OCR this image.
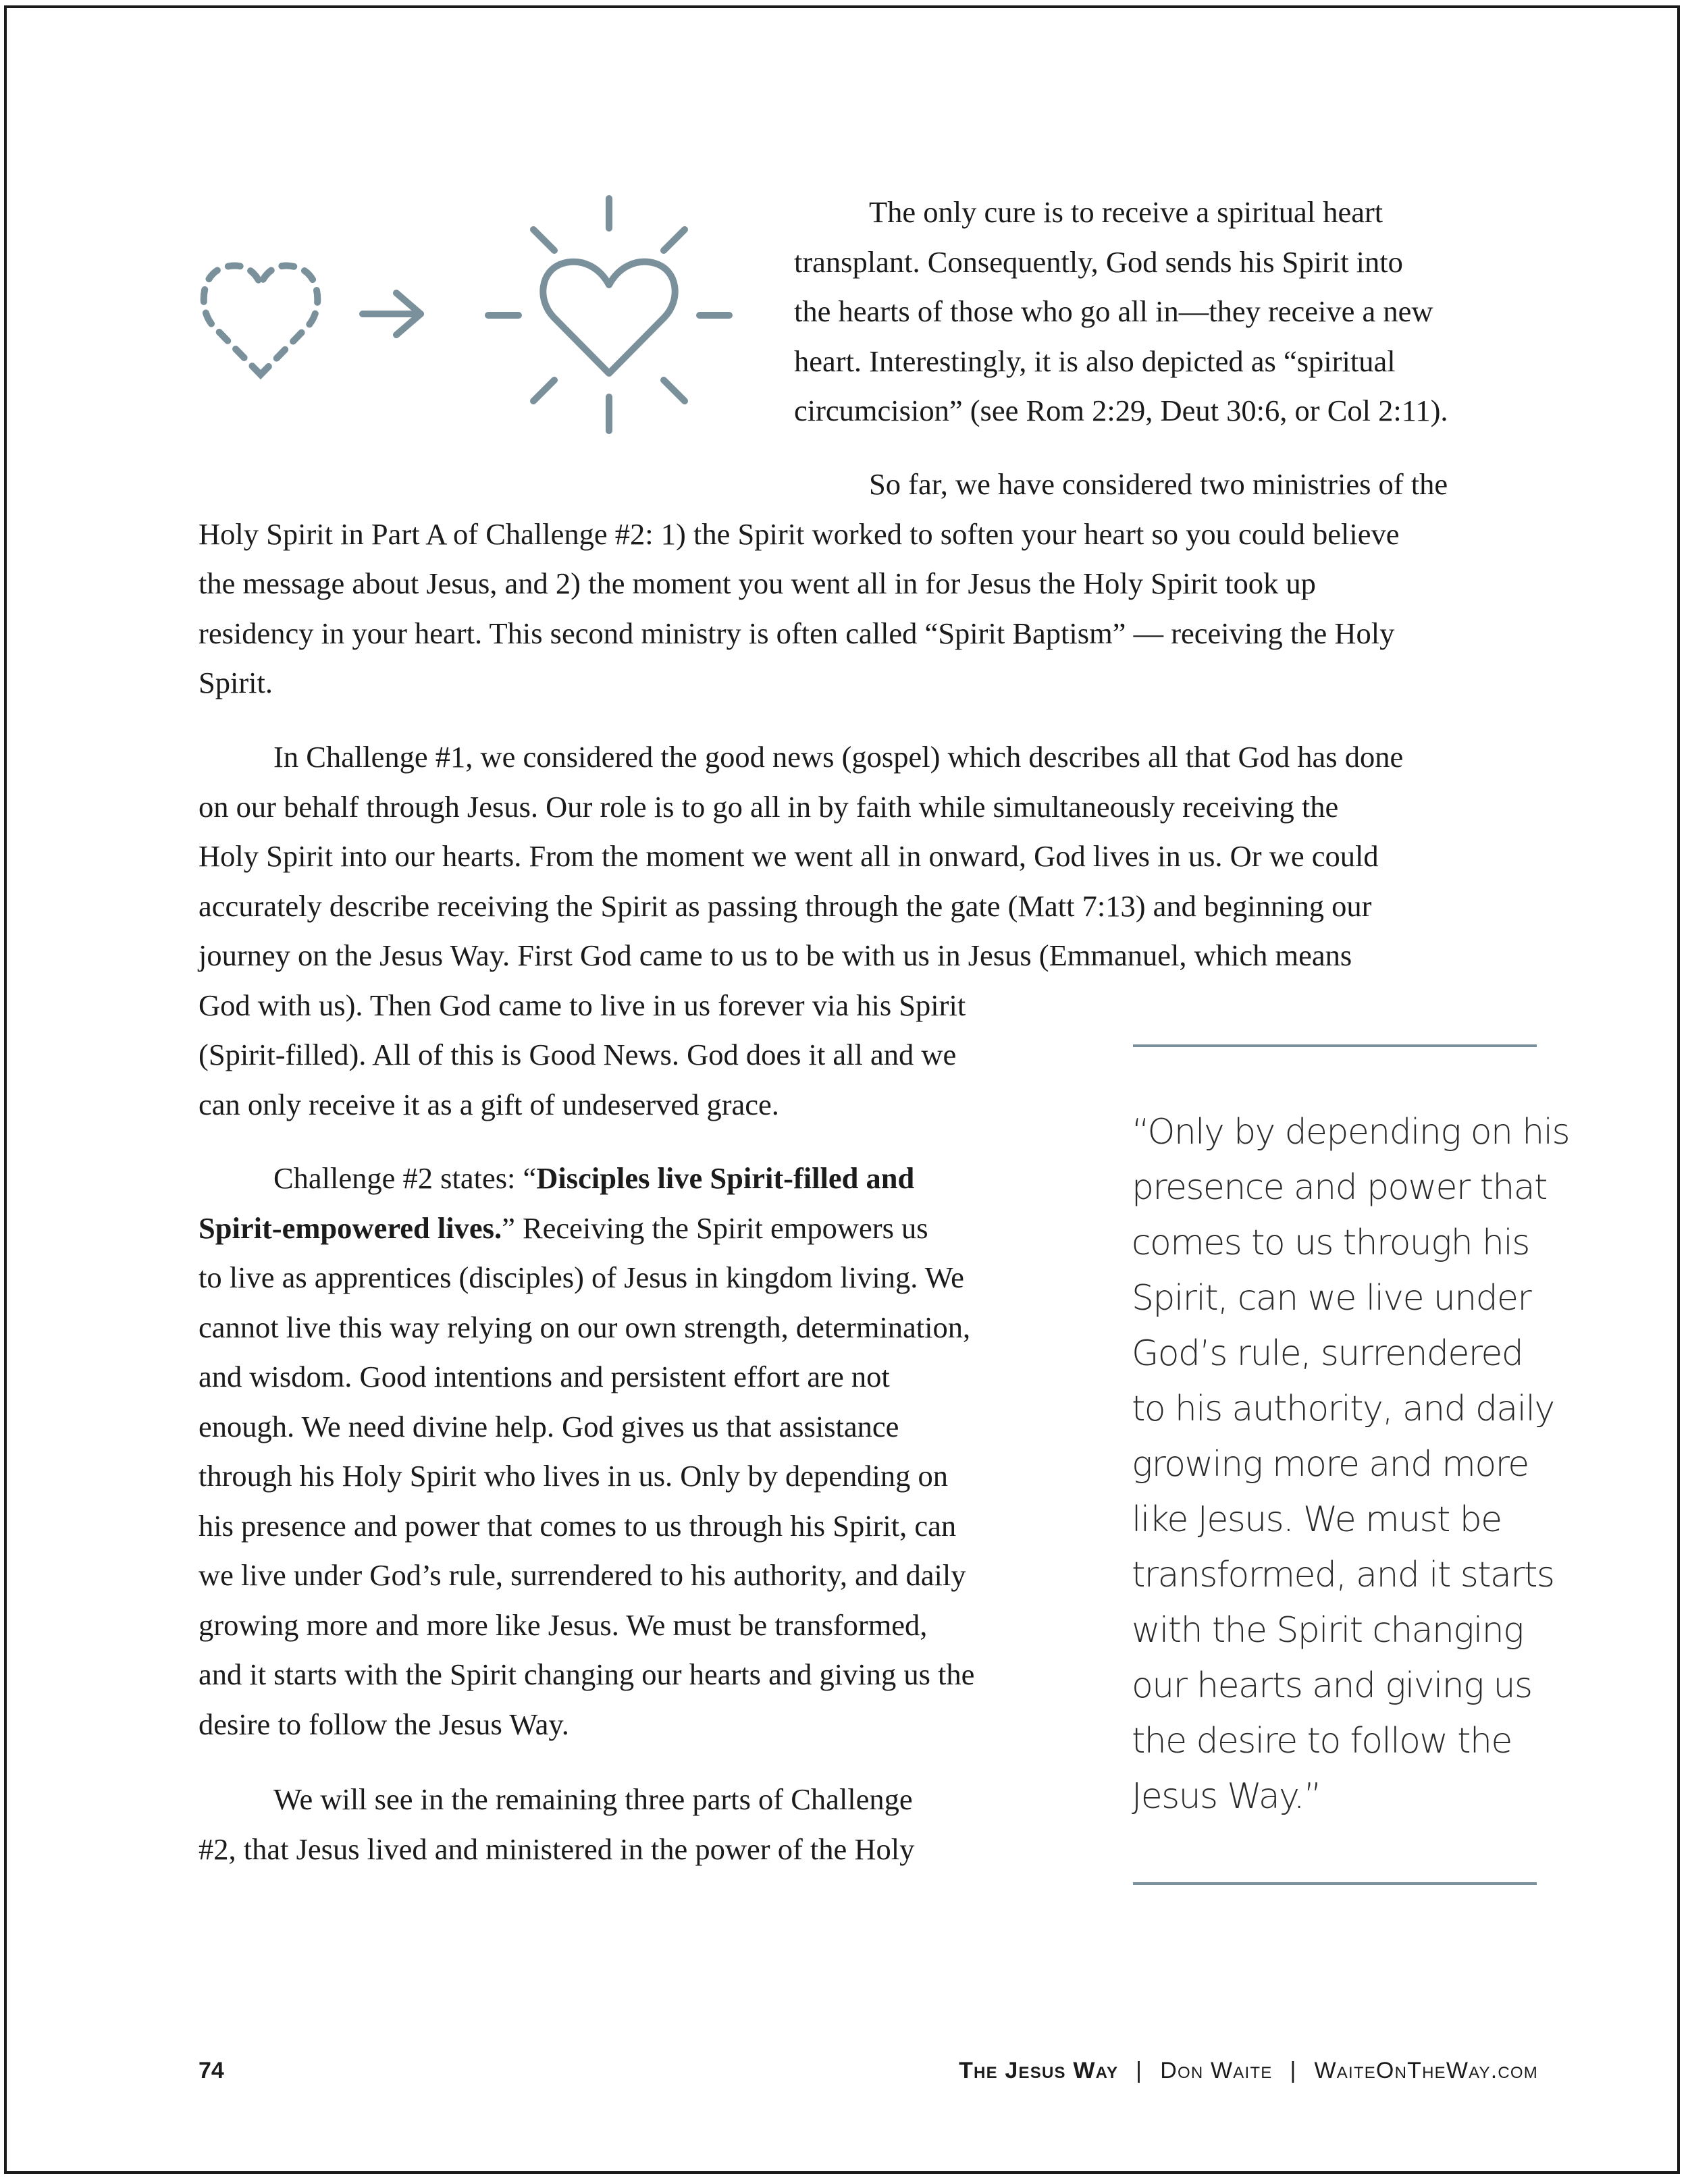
The only cure is to receive a spiritual heart
transplant. Consequently, God sends his Spirit into
the hearts of those who go all in—they receive a new
heart. Interestingly, it is also depicted as “spiritual
circumcision” (see Rom 2:29, Deut 30:6, or Col 2:11).
So far, we have considered two ministries of the
Holy Spirit in Part A of Challenge #2: 1) the Spirit worked to soften your heart so you could believe
the message about Jesus, and 2) the moment you went all in for Jesus the Holy Spirit took up
residency in your heart. This second ministry is often called “Spirit Baptism” — receiving the Holy
Spirit.
In Challenge #1, we considered the good news (gospel) which describes all that God has done
on our behalf through Jesus. Our role is to go all in by faith while simultaneously receiving the
Holy Spirit into our hearts. From the moment we went all in onward, God lives in us. Or we could
accurately describe receiving the Spirit as passing through the gate (Matt 7:13) and beginning our
journey on the Jesus Way. First God came to us to be with us in Jesus (Emmanuel, which means
God with us). Then God came to live in us forever via his Spirit
(Spirit-filled). All of this is Good News. God does it all and we
can only receive it as a gift of undeserved grace.
Challenge #2 states: “Disciples live Spirit-filled and
Spirit-empowered lives.” Receiving the Spirit empowers us
to live as apprentices (disciples) of Jesus in kingdom living. We
cannot live this way relying on our own strength, determination,
and wisdom. Good intentions and persistent effort are not
enough. We need divine help. God gives us that assistance
through his Holy Spirit who lives in us. Only by depending on
his presence and power that comes to us through his Spirit, can
we live under God’s rule, surrendered to his authority, and daily
growing more and more like Jesus. We must be transformed,
and it starts with the Spirit changing our hearts and giving us the
desire to follow the Jesus Way.
We will see in the remaining three parts of Challenge
#2, that Jesus lived and ministered in the power of the Holy
“Only by depending on his
presence and power that
comes to us through his
Spirit, can we live under
God’s rule, surrendered
to his authority, and daily
growing more and more
like Jesus. We must be
transformed, and it starts
with the Spirit changing
our hearts and giving us
the desire to follow the
Jesus Way.”
74	The Jesus Way | Don Waite | WaiteOnTheWay.com
